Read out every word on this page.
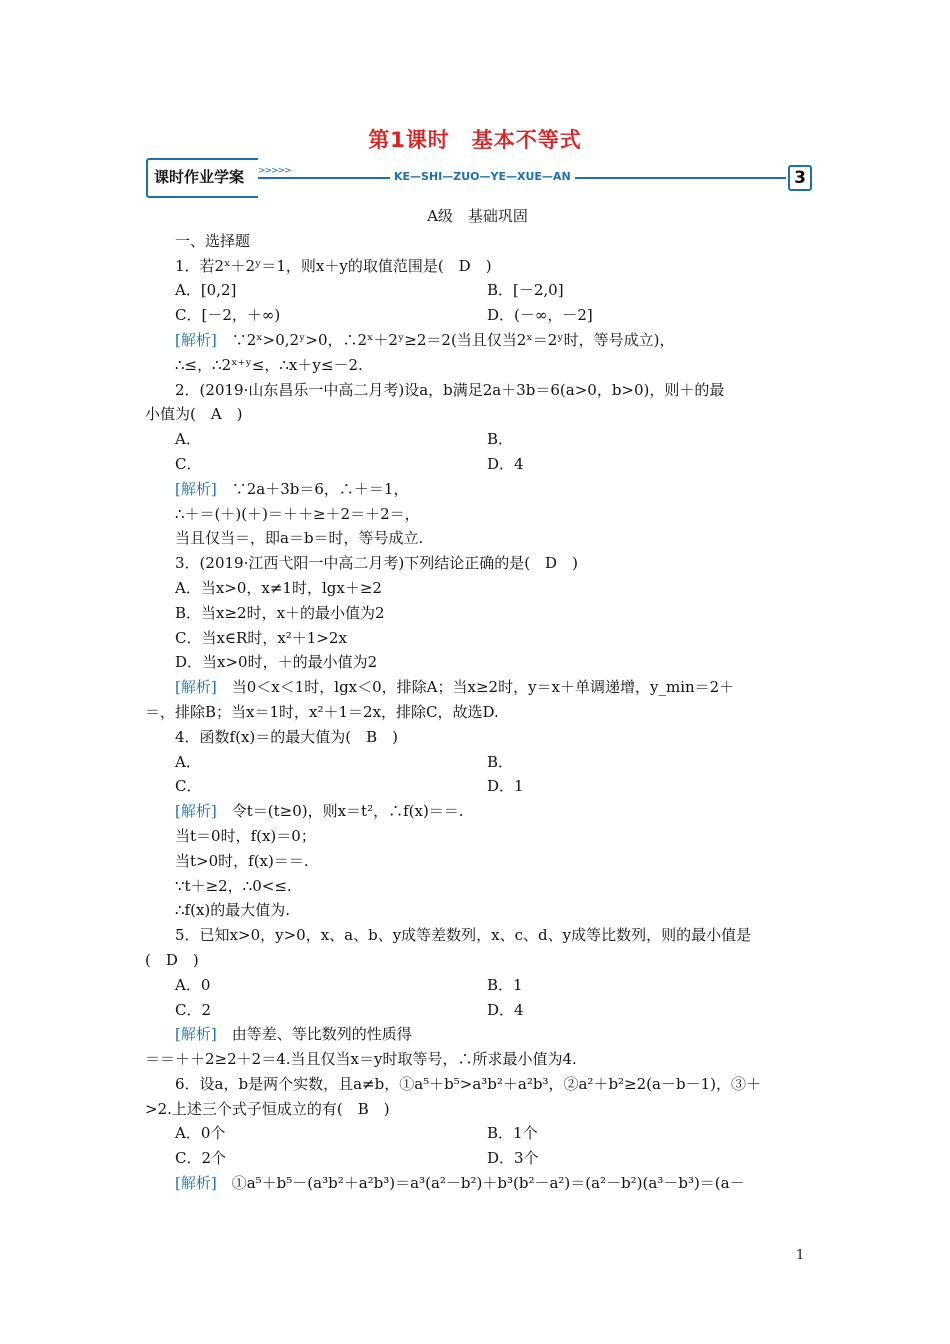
第1课时　基本不等式
课时作业学案 >>>>>	KE—SHI—ZUO—YE—XUE—AN	3
A级　基础巩固
一、选择题
1．若2ˣ＋2ʸ＝1，则x＋y的取值范围是(　D　)
A．[0,2]	B．[－2,0]
C．[－2，＋∞)	D．(－∞，－2]
[解析]　∵2ˣ>0,2ʸ>0，∴2ˣ＋2ʸ≥2＝2(当且仅当2ˣ＝2ʸ时，等号成立)，
∴≤，∴2ˣ⁺ʸ≤，∴x＋y≤－2.
2．(2019·山东昌乐一中高二月考)设a，b满足2a＋3b＝6(a>0，b>0)，则＋的最
小值为(　A　)
A．	B．
C．	D．4
[解析]　∵2a＋3b＝6，∴＋＝1，
∴＋＝(＋)(＋)＝＋＋≥＋2＝＋2＝，
当且仅当＝，即a＝b＝时，等号成立.
3．(2019·江西弋阳一中高二月考)下列结论正确的是(　D　)
A．当x>0，x≠1时，lgx＋≥2
B．当x≥2时，x＋的最小值为2
C．当x∈R时，x²＋1>2x
D．当x>0时，＋的最小值为2
[解析]　当0＜x＜1时，lgx＜0，排除A；当x≥2时，y＝x＋单调递增，y_min＝2＋
＝，排除B；当x＝1时，x²＋1＝2x，排除C，故选D.
4．函数f(x)＝的最大值为(　B　)
A．	B．
C．	D．1
[解析]　令t＝(t≥0)，则x＝t²，∴f(x)＝＝.
当t＝0时，f(x)＝0；
当t>0时，f(x)＝＝.
∵t＋≥2，∴0<≤.
∴f(x)的最大值为.
5．已知x>0，y>0，x、a、b、y成等差数列，x、c、d、y成等比数列，则的最小值是
(　D　)
A．0	B．1
C．2	D．4
[解析]　由等差、等比数列的性质得
＝＝＋＋2≥2＋2＝4.当且仅当x＝y时取等号，∴所求最小值为4.
6．设a，b是两个实数，且a≠b，①a⁵＋b⁵>a³b²＋a²b³，②a²＋b²≥2(a－b－1)，③＋
>2.上述三个式子恒成立的有(　B　)
A．0个	B．1个
C．2个	D．3个
[解析]　①a⁵＋b⁵－(a³b²＋a²b³)＝a³(a²－b²)＋b³(b²－a²)＝(a²－b²)(a³－b³)＝(a－
1
